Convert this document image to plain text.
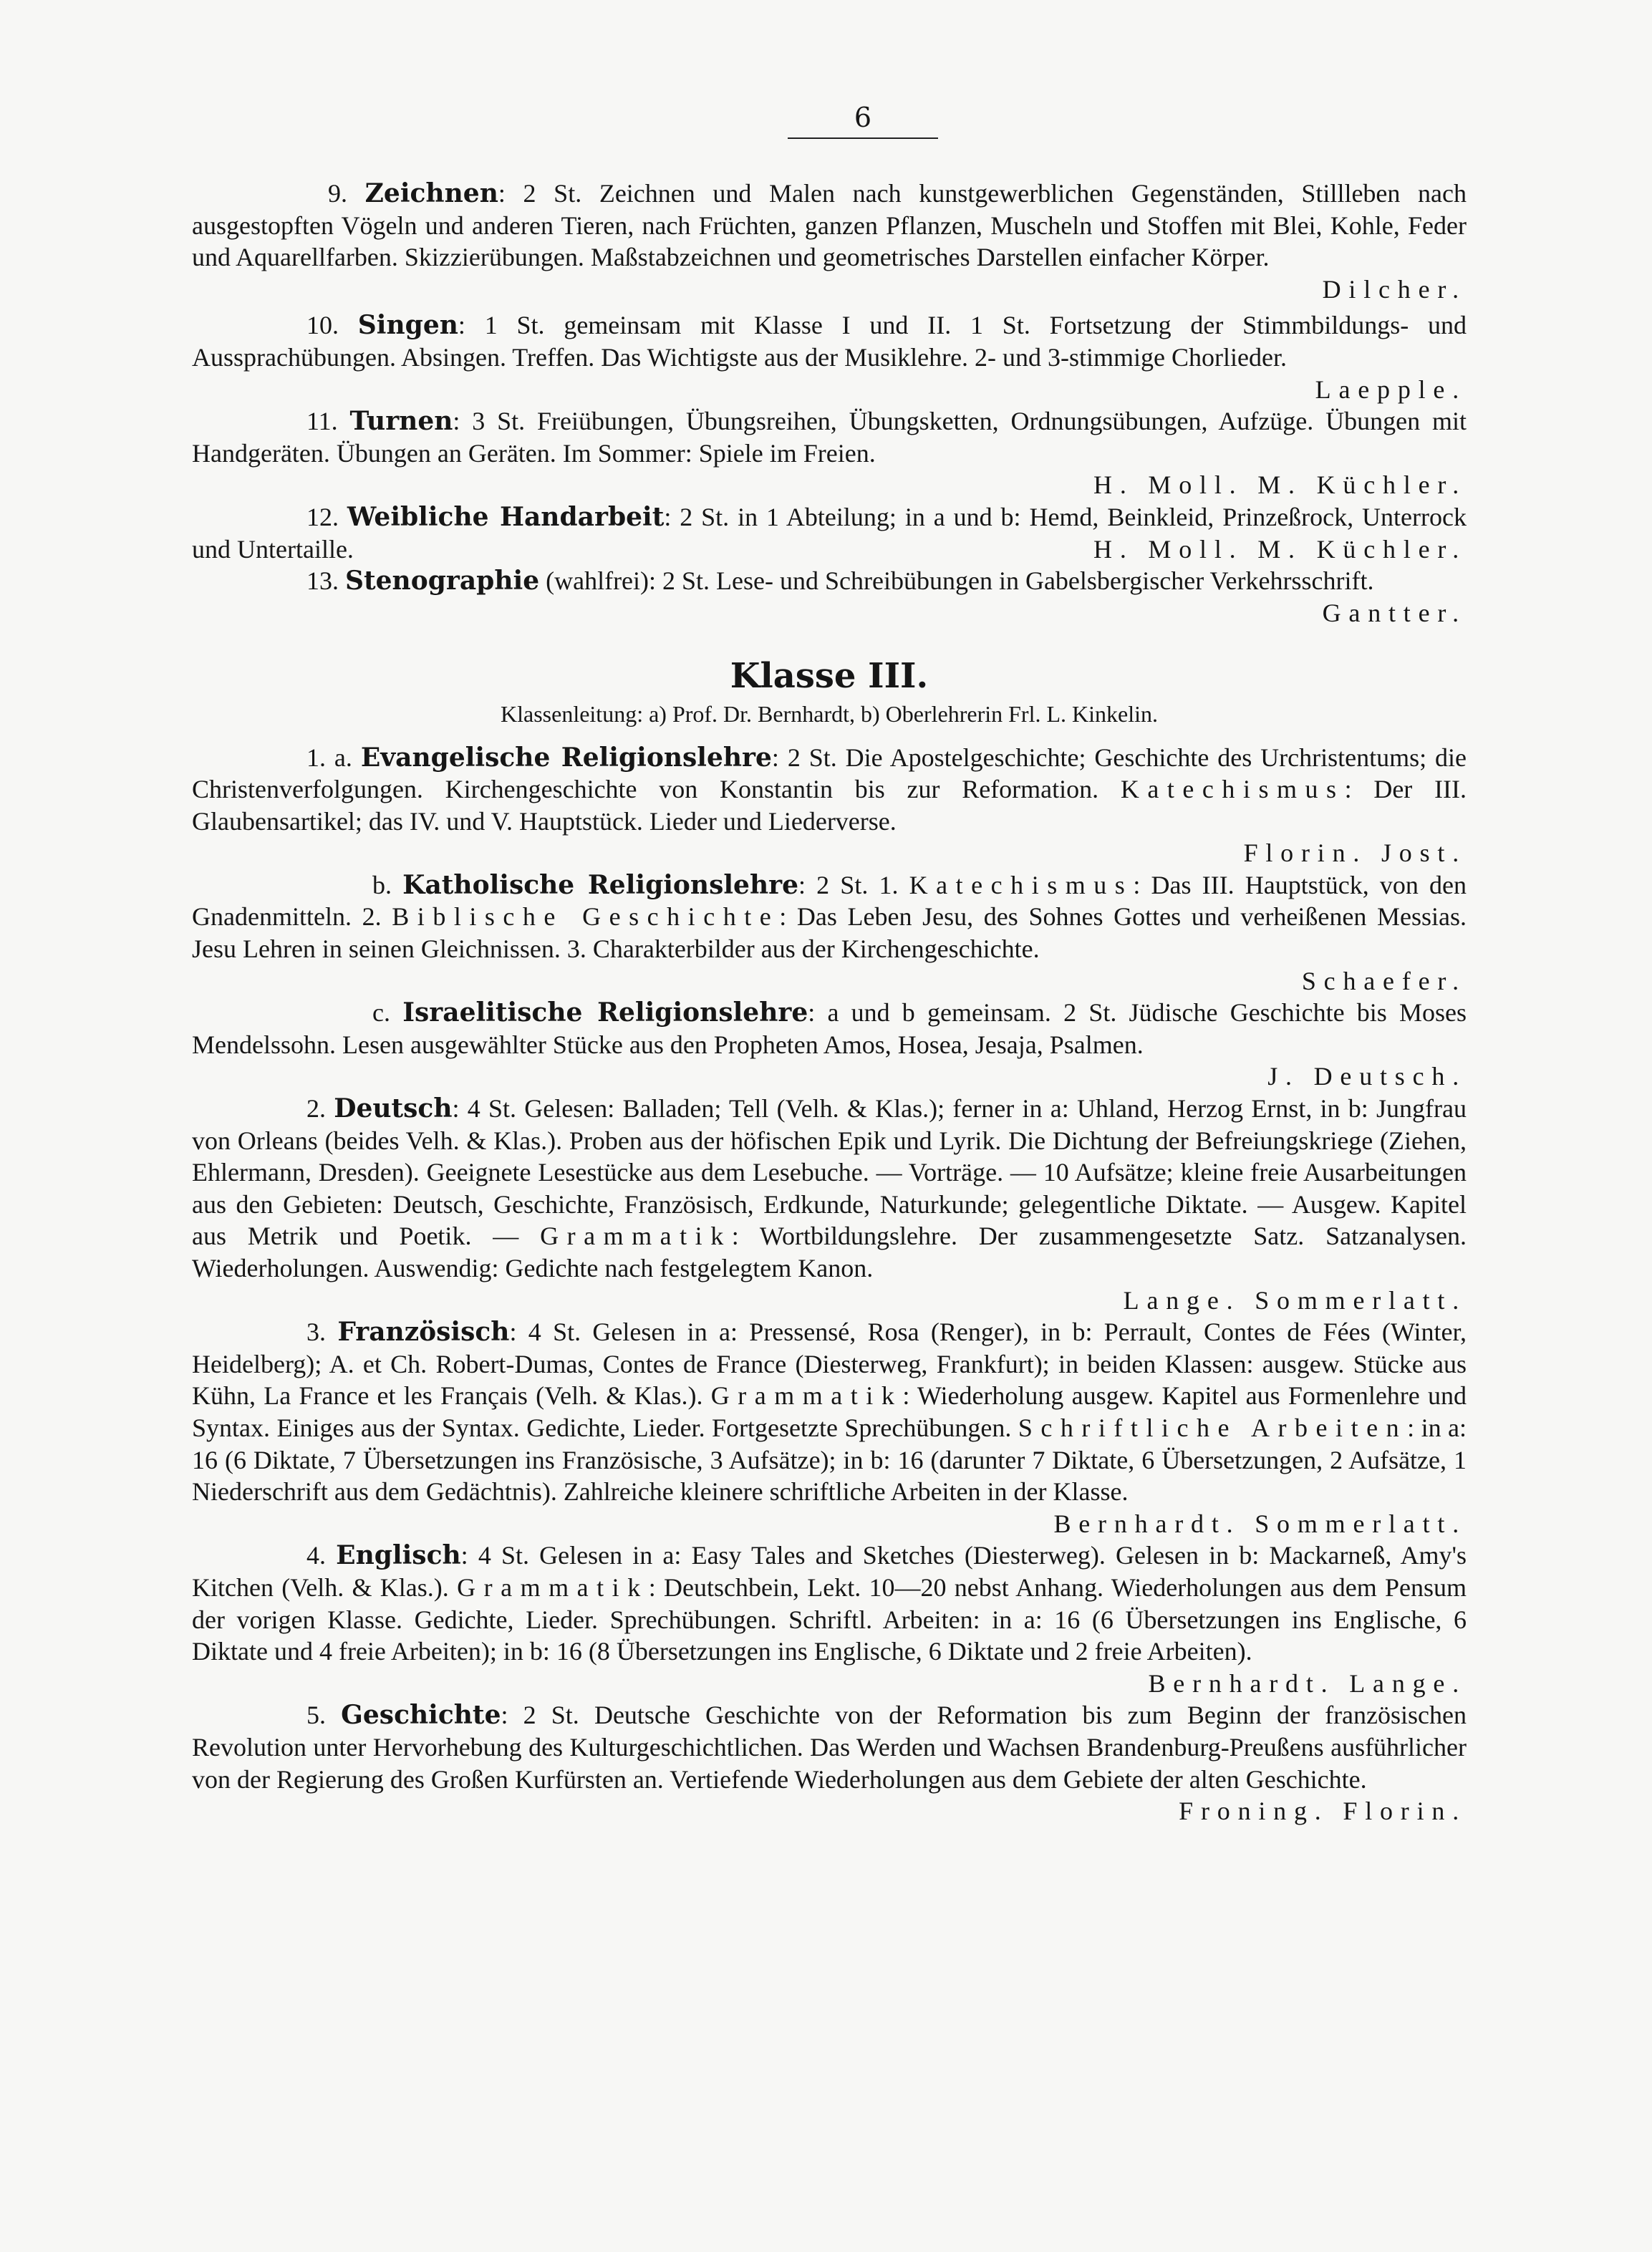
6

9. Zeichnen: 2 St. Zeichnen und Malen nach kunstgewerblichen Gegenständen, Stillleben nach ausgestopften Vögeln und anderen Tieren, nach Früchten, ganzen Pflanzen, Muscheln und Stoffen mit Blei, Kohle, Feder und Aquarellfarben. Skizzierübungen. Maßstabzeichnen und geometrisches Darstellen einfacher Körper.
Dilcher.

10. Singen: 1 St. gemeinsam mit Klasse I und II. 1 St. Fortsetzung der Stimmbildungs- und Aussprachübungen. Absingen. Treffen. Das Wichtigste aus der Musiklehre. 2- und 3-stimmige Chorlieder.

Laepple.

11. Turnen: 3 St. Freiübungen, Übungsreihen, Übungsketten, Ordnungsübungen, Aufzüge. Übungen mit Handgeräten. Übungen an Geräten. Im Sommer: Spiele im Freien.

H. Moll. M. Küchler.

12. Weibliche Handarbeit: 2 St. in 1 Abteilung; in a und b: Hemd, Beinkleid, Prinzeßrock, Unterrock und Untertaille.	H. Moll. M. Küchler.

13. Stenographie (wahlfrei): 2 St. Lese- und Schreibübungen in Gabelsbergischer Verkehrsschrift.

Gantter.

Klasse III.
Klassenleitung: a) Prof. Dr. Bernhardt, b) Oberlehrerin Frl. L. Kinkelin.

1. a. Evangelische Religionslehre: 2 St. Die Apostelgeschichte; Geschichte des Urchristentums; die Christenverfolgungen. Kirchengeschichte von Konstantin bis zur Reformation. Katechismus: Der III. Glaubensartikel; das IV. und V. Hauptstück. Lieder und Liederverse.

Florin. Jost.

b. Katholische Religionslehre: 2 St. 1. Katechismus: Das III. Hauptstück, von den Gnadenmitteln. 2. Biblische Geschichte: Das Leben Jesu, des Sohnes Gottes und verheißenen Messias. Jesu Lehren in seinen Gleichnissen. 3. Charakterbilder aus der Kirchengeschichte.

Schaefer.

c. Israelitische Religionslehre: a und b gemeinsam. 2 St. Jüdische Geschichte bis Moses Mendelssohn. Lesen ausgewählter Stücke aus den Propheten Amos, Hosea, Jesaja, Psalmen.

J. Deutsch.

2. Deutsch: 4 St. Gelesen: Balladen; Tell (Velh. & Klas.); ferner in a: Uhland, Herzog Ernst, in b: Jungfrau von Orleans (beides Velh. & Klas.). Proben aus der höfischen Epik und Lyrik. Die Dichtung der Befreiungskriege (Ziehen, Ehlermann, Dresden). Geeignete Lesestücke aus dem Lesebuche. — Vorträge. — 10 Aufsätze; kleine freie Ausarbeitungen aus den Gebieten: Deutsch, Geschichte, Französisch, Erdkunde, Naturkunde; gelegentliche Diktate. — Ausgew. Kapitel aus Metrik und Poetik. — Grammatik: Wortbildungslehre. Der zusammengesetzte Satz. Satzanalysen. Wiederholungen. Auswendig: Gedichte nach festgelegtem Kanon.

Lange. Sommerlatt.

3. Französisch: 4 St. Gelesen in a: Pressensé, Rosa (Renger), in b: Perrault, Contes de Fées (Winter, Heidelberg); A. et Ch. Robert-Dumas, Contes de France (Diesterweg, Frankfurt); in beiden Klassen: ausgew. Stücke aus Kühn, La France et les Français (Velh. & Klas.). Grammatik: Wiederholung ausgew. Kapitel aus Formenlehre und Syntax. Einiges aus der Syntax. Gedichte, Lieder. Fortgesetzte Sprechübungen. Schriftliche Arbeiten: in a: 16 (6 Diktate, 7 Übersetzungen ins Französische, 3 Aufsätze); in b: 16 (darunter 7 Diktate, 6 Übersetzungen, 2 Aufsätze, 1 Niederschrift aus dem Gedächtnis). Zahlreiche kleinere schriftliche Arbeiten in der Klasse.

Bernhardt. Sommerlatt.

4. Englisch: 4 St. Gelesen in a: Easy Tales and Sketches (Diesterweg). Gelesen in b: Mackarneß, Amy's Kitchen (Velh. & Klas.). Grammatik: Deutschbein, Lekt. 10—20 nebst Anhang. Wiederholungen aus dem Pensum der vorigen Klasse. Gedichte, Lieder. Sprechübungen. Schriftl. Arbeiten: in a: 16 (6 Übersetzungen ins Englische, 6 Diktate und 4 freie Arbeiten); in b: 16 (8 Übersetzungen ins Englische, 6 Diktate und 2 freie Arbeiten).

Bernhardt. Lange.

5. Geschichte: 2 St. Deutsche Geschichte von der Reformation bis zum Beginn der französischen Revolution unter Hervorhebung des Kulturgeschichtlichen. Das Werden und Wachsen Brandenburg-Preußens ausführlicher von der Regierung des Großen Kurfürsten an. Vertiefende Wiederholungen aus dem Gebiete der alten Geschichte.
Froning. Florin.
